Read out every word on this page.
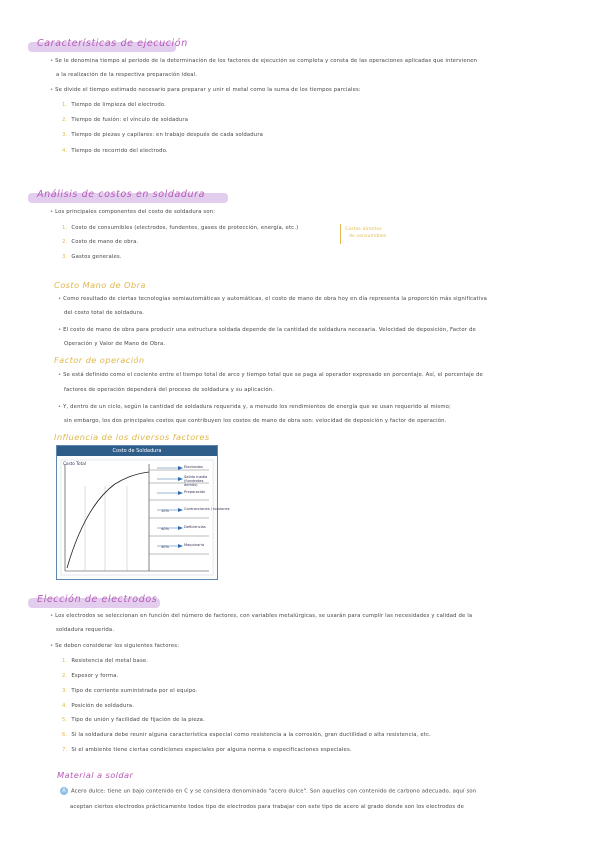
Características de ejecución
• Se le denomina tiempo al periodo de la determinación de los factores de ejecución se completa y consta de las operaciones aplicadas que intervienen
a la realización de la respectiva preparación ideal.
• Se divide el tiempo estimado necesario para preparar y unir el metal como la suma de los tiempos parciales:
1. Tiempo de limpieza del electrodo.
2. Tiempo de fusión: el vínculo de soldadura
3. Tiempo de piezas y capilares: en trabajo después de cada soldadura
4. Tiempo de recorrido del electrodo.
Análisis de costos en soldadura
• Los principales componentes del costo de soldadura son:
1. Costo de consumibles (electrodos, fundentes, gases de protección, energía, etc.)
2. Costo de mano de obra.
3. Gastos generales.
Costos directos
de consumibles
Costo Mano de Obra
• Como resultado de ciertas tecnologías semiautomáticas y automáticas, el costo de mano de obra hoy en día representa la proporción más significativa
del costo total de soldadura.
• El costo de mano de obra para producir una estructura soldada depende de la cantidad de soldadura necesaria. Velocidad de deposición, Factor de
Operación y Valor de Mano de Obra.
Factor de operación
• Se está definido como el cociente entre el tiempo total de arco y tiempo total que se paga al operador expresado en porcentaje. Así, el porcentaje de
factores de operación dependerá del proceso de soldadura y su aplicación.
• Y, dentro de un ciclo, según la cantidad de soldadura requerida y, a menudo los rendimientos de energía que se usan requerido al mismo;
sin embargo, los dos principales costos que contribuyen los costos de mano de obra son: velocidad de deposición y factor de operación.
Influencia de los diversos factores
Costo de Soldadura
Costo Total
Electrodos
Salida media (fundentes demás)
Preparación
Contracciones / torsiones
Deficiencias
Maquinaria
10%
40%
30%
Elección de electrodos
• Los electrodos se seleccionan en función del número de factores, con variables metalúrgicas, se usarán para cumplir las necesidades y calidad de la
soldadura requerida.
• Se deben considerar los siguientes factores:
1. Resistencia del metal base.
2. Espesor y forma.
3. Tipo de corriente suministrada por el equipo.
4. Posición de soldadura.
5. Tipo de unión y facilidad de fijación de la pieza.
6. Si la soldadura debe reunir alguna característica especial como resistencia a la corrosión, gran ductilidad o alta resistencia, etc.
7. Si el ambiente tiene ciertas condiciones especiales por alguna norma o especificaciones especiales.
Material a soldar
A Acero dulce: tiene un bajo contenido en C y se considera denominado "acero dulce". Son aquellos con contenido de carbono adecuado, aquí son
aceptan ciertos electrodos prácticamente todos tipo de electrodos para trabajar con este tipo de acero al grado donde son los electrodos de
